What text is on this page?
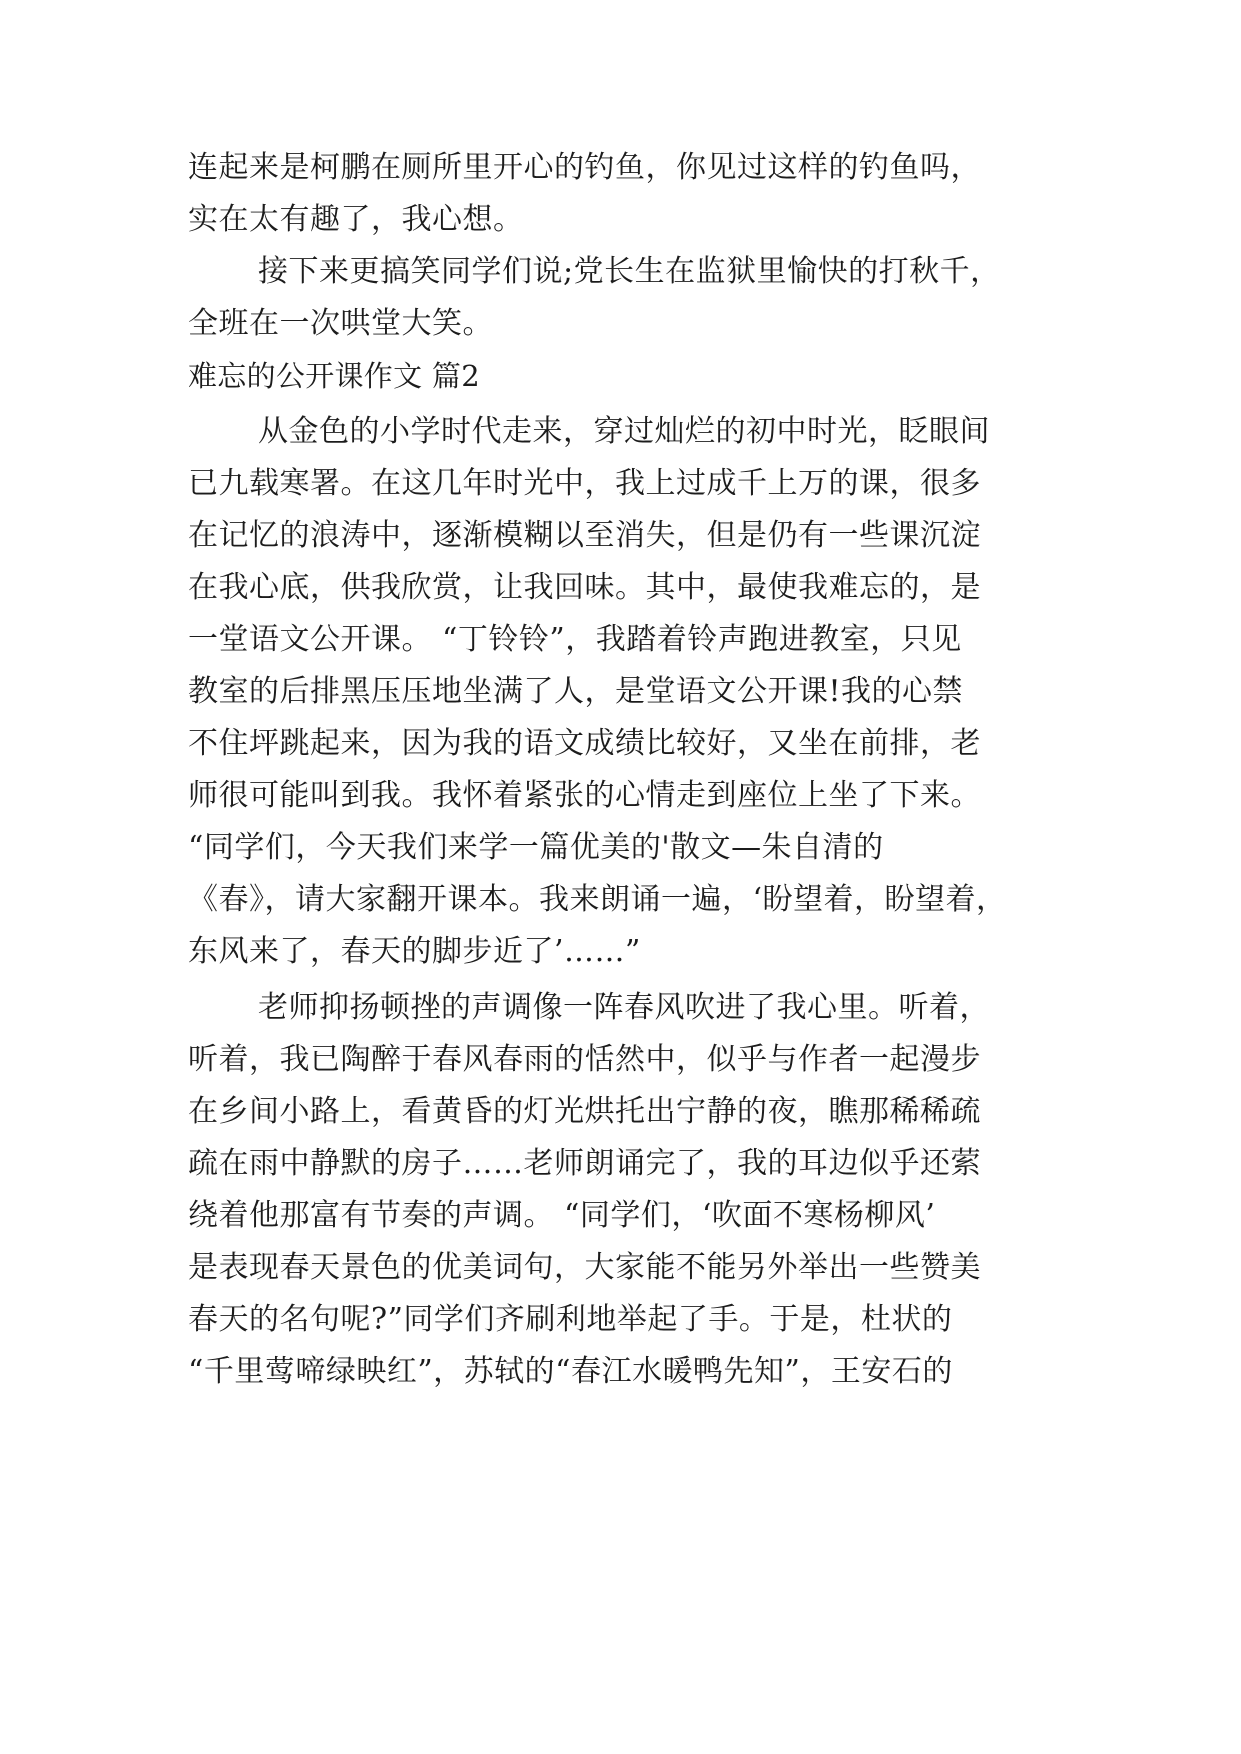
连起来是柯鹏在厕所里开心的钓鱼，你见过这样的钓鱼吗，
实在太有趣了，我心想。
接下来更搞笑同学们说;党长生在监狱里愉快的打秋千，
全班在一次哄堂大笑。
难忘的公开课作文 篇2
从金色的小学时代走来，穿过灿烂的初中时光，眨眼间
已九载寒署。在这几年时光中，我上过成千上万的课，很多
在记忆的浪涛中，逐渐模糊以至消失，但是仍有一些课沉淀
在我心底，供我欣赏，让我回味。其中，最使我难忘的，是
一堂语文公开课。 “丁铃铃”，我踏着铃声跑进教室，只见
教室的后排黑压压地坐满了人，是堂语文公开课!我的心禁
不住坪跳起来，因为我的语文成绩比较好，又坐在前排，老
师很可能叫到我。我怀着紧张的心情走到座位上坐了下来。
“同学们，今天我们来学一篇优美的'散文—朱自清的
《春》，请大家翻开课本。我来朗诵一遍，‘盼望着，盼望着，
东风来了，春天的脚步近了’……”
老师抑扬顿挫的声调像一阵春风吹进了我心里。听着，
听着，我已陶醉于春风春雨的恬然中，似乎与作者一起漫步
在乡间小路上，看黄昏的灯光烘托出宁静的夜，瞧那稀稀疏
疏在雨中静默的房子……老师朗诵完了，我的耳边似乎还萦
绕着他那富有节奏的声调。 “同学们，‘吹面不寒杨柳风’
是表现春天景色的优美词句，大家能不能另外举出一些赞美
春天的名句呢?”同学们齐刷利地举起了手。于是，杜状的
“千里莺啼绿映红”，苏轼的“春江水暖鸭先知”，王安石的
